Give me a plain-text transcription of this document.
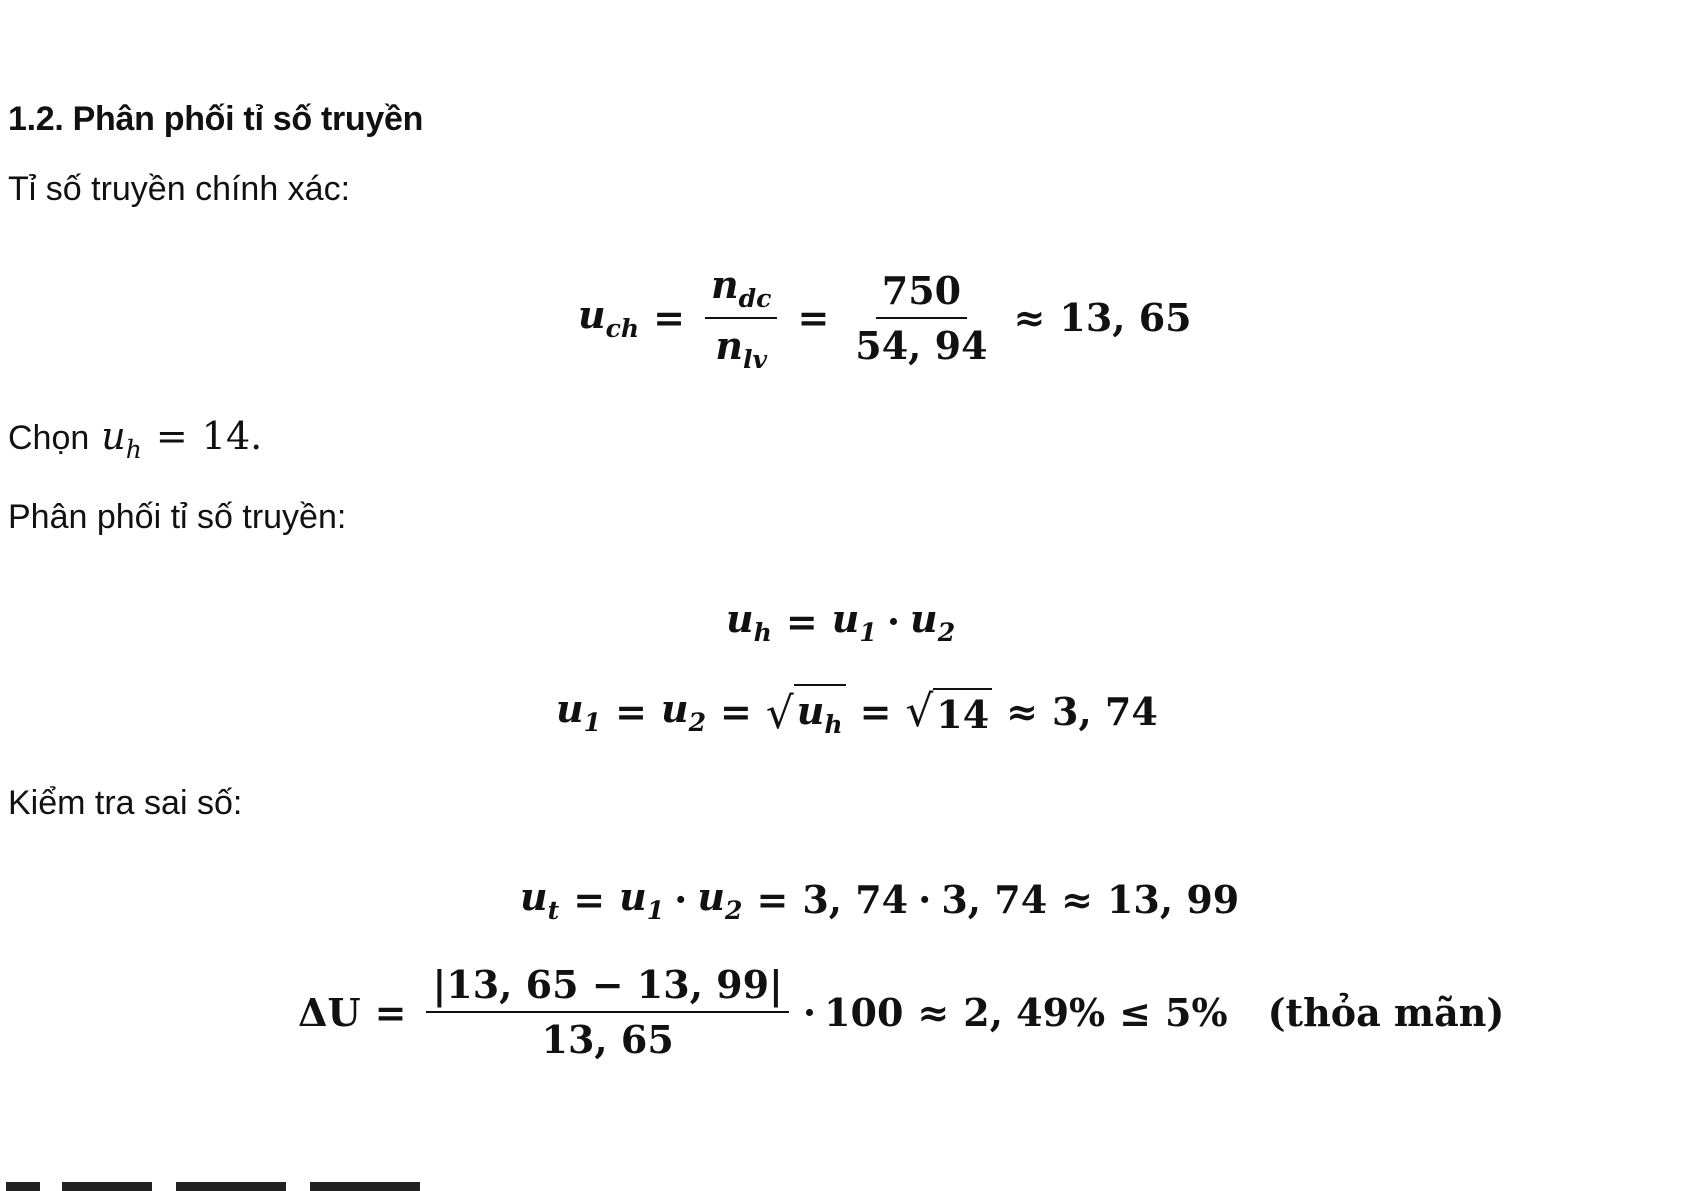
1.2. Phân phối tỉ số truyền
Tỉ số truyền chính xác:
$u_{ch} = \frac{n_{dc}}{n_{lv}} = \frac{750}{54, 94} \approx 13$, 65
Chọn $u_h = 14$.
Phân phối tỉ số truyền:
$u_h = u_1 \cdot u_2$
$u_1 = u_2$ = √ $u_h$ = √ 14 ≈ 3, 74
Kiểm tra sai số:
$u_t = u_1 \cdot u_2 = 3$, 74 · 3, 74 ≈ 13, 99
$\Delta U = \frac{|13, 65 - 13, 99|}{13, 65} \cdot 100 \approx 2$, 49% ≤ 5% (thỏa mãn)
